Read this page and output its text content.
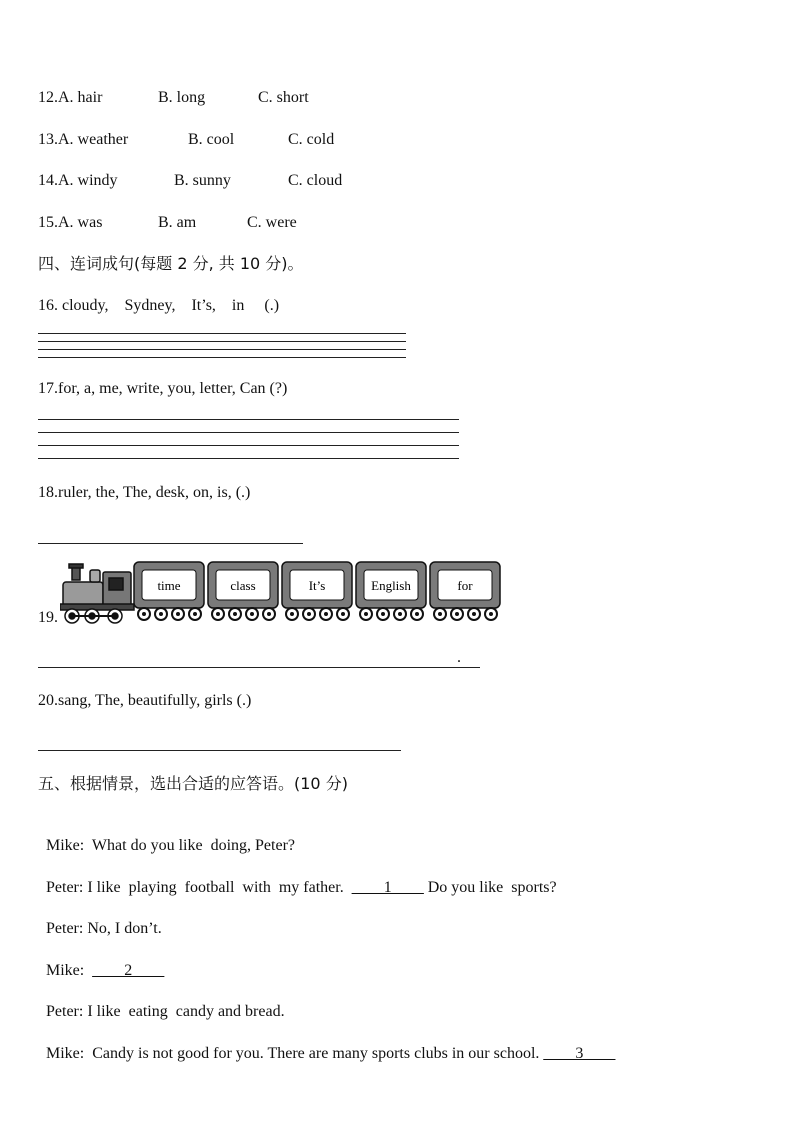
12.A. hair	B. long	C. short
13.A. weather	B. cool	C. cold
14.A. windy	B. sunny	C. cloud
15.A. was	B. am	C. were
四、连词成句(每题 2 分, 共 10 分)。
16. cloudy,    Sydney,    It’s,    in     (.)
17.for, a, me, write, you, letter, Can (?)
18.ruler, the, The, desk, on, is, (.)
19.
time	class	It’s	English	for
.
20.sang, The, beautifully, girls (.)
五、根据情景，选出合适的应答语。(10 分)

Mike:  What do you like  doing, Peter?

Peter: I like  playing  football  with  my father.  ____1____ Do you like  sports?

Peter: No, I don’t.

Mike:  ____2____

Peter: I like  eating  candy and bread.

Mike:  Candy is not good for you. There are many sports clubs in our school. ____3____
